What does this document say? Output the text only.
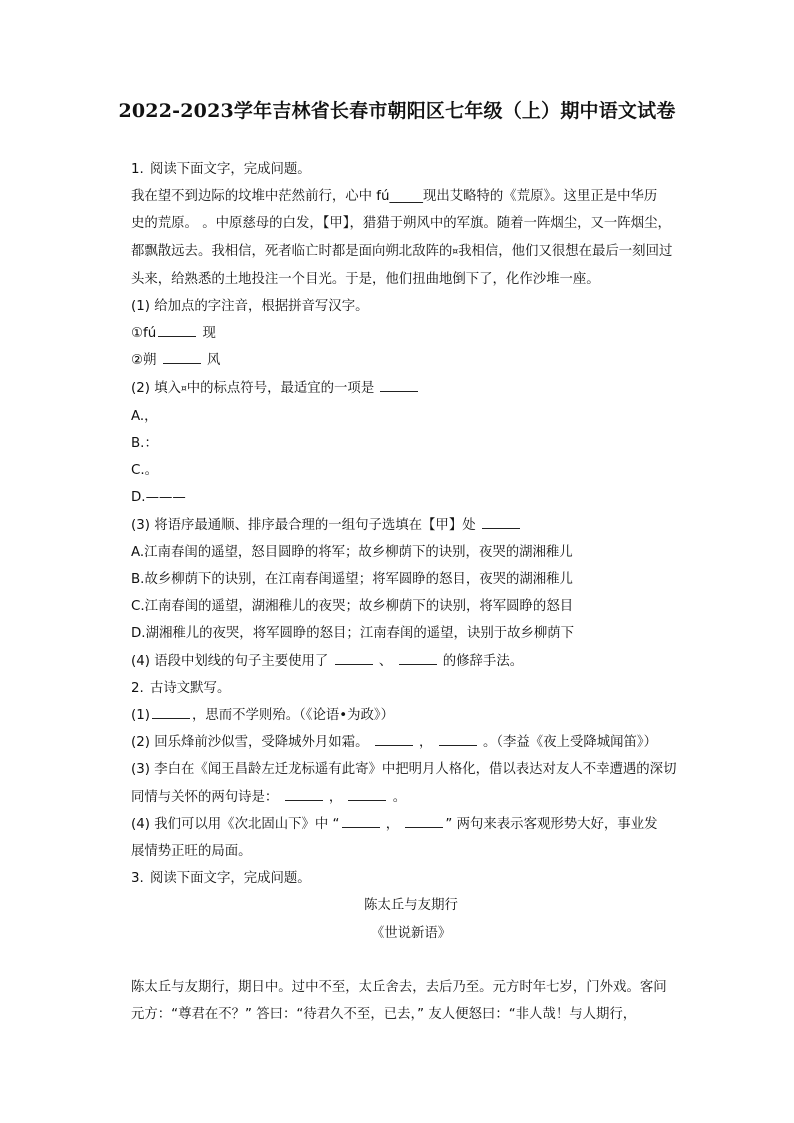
2022-2023学年吉林省长春市朝阳区七年级（上）期中语文试卷
1. 阅读下面文字，完成问题。
我在望不到边际的坟堆中茫然前行，心中 fú_____现出艾略特的《荒原》。这里正是中华历
史的荒原。 。中原慈母的白发，【甲】，猎猎于朔风中的军旗。随着一阵烟尘，又一阵烟尘，
都飘散远去。我相信，死者临亡时都是面向朔北敌阵的¤我相信，他们又很想在最后一刻回过
头来，给熟悉的土地投注一个目光。于是，他们扭曲地倒下了，化作沙堆一座。
(1) 给加点的字注音，根据拼音写汉字。
①fú	现
②朔	风
(2) 填入¤中的标点符号，最适宜的一项是
A.，
B.：
C.。
D.———
(3) 将语序最通顺、排序最合理的一组句子选填在【甲】处
A.江南春闺的遥望，怒目圆睁的将军；故乡柳荫下的诀别，夜哭的湖湘稚儿
B.故乡柳荫下的诀别，在江南春闺遥望；将军圆睁的怒目，夜哭的湖湘稚儿
C.江南春闺的遥望，湖湘稚儿的夜哭；故乡柳荫下的诀别，将军圆睁的怒目
D.湖湘稚儿的夜哭，将军圆睁的怒目；江南春闺的遥望，诀别于故乡柳荫下
(4) 语段中划线的句子主要使用了	、	的修辞手法。
2. 古诗文默写。
(1)	，思而不学则殆。（《论语•为政》）
(2) 回乐烽前沙似雪，受降城外月如霜。	，	。（李益《夜上受降城闻笛》）
(3) 李白在《闻王昌龄左迁龙标遥有此寄》中把明月人格化，借以表达对友人不幸遭遇的深切
同情与关怀的两句诗是：	，	。
(4) 我们可以用《次北固山下》中 “	，	” 两句来表示客观形势大好，事业发
展情势正旺的局面。
3. 阅读下面文字，完成问题。
陈太丘与友期行
《世说新语》
陈太丘与友期行，期日中。过中不至，太丘舍去，去后乃至。元方时年七岁，门外戏。客问
元方：“尊君在不？” 答曰：“待君久不至，已去，” 友人便怒曰：“非人哉！与人期行，
